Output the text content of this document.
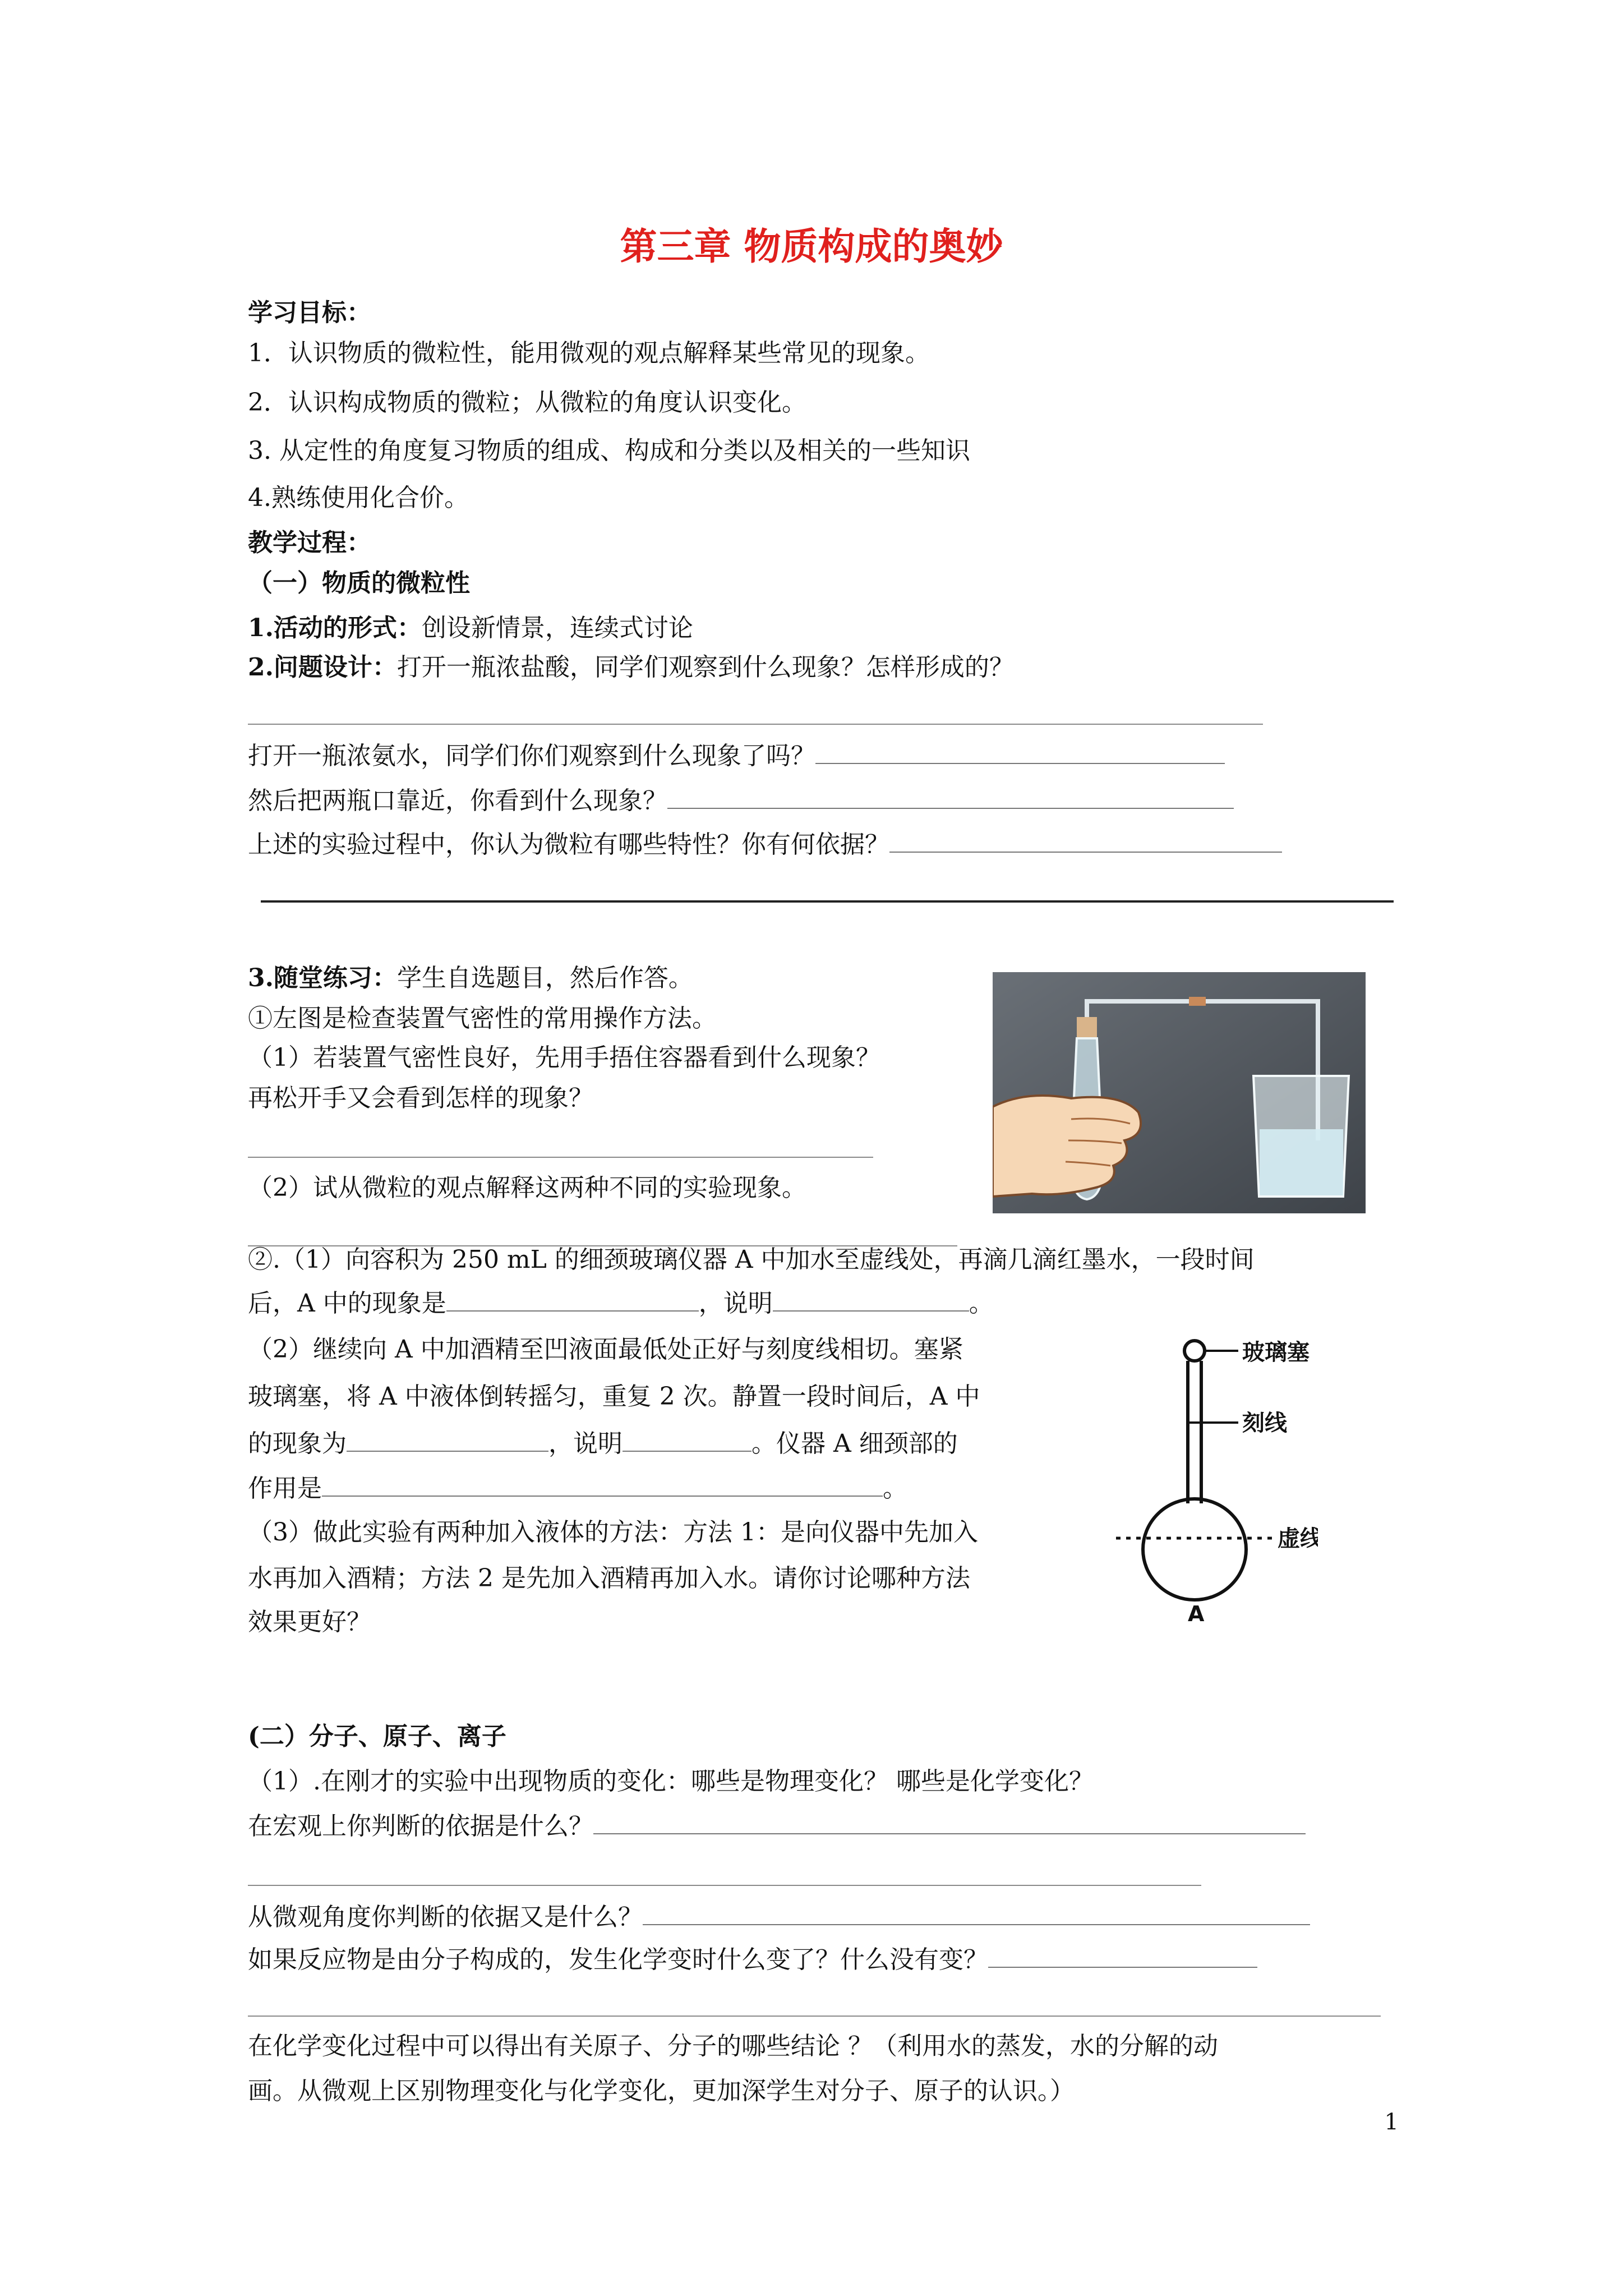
第三章 物质构成的奥妙
学习目标：
1．认识物质的微粒性，能用微观的观点解释某些常见的现象。
2．认识构成物质的微粒；从微粒的角度认识变化。
3. 从定性的角度复习物质的组成、构成和分类以及相关的一些知识
4.熟练使用化合价。
教学过程：
（一）物质的微粒性
1.活动的形式：创设新情景，连续式讨论
2.问题设计：打开一瓶浓盐酸，同学们观察到什么现象？怎样形成的？
打开一瓶浓氨水，同学们你们观察到什么现象了吗？
然后把两瓶口靠近，你看到什么现象？
上述的实验过程中，你认为微粒有哪些特性？你有何依据？
3.随堂练习：学生自选题目，然后作答。
①左图是检查装置气密性的常用操作方法。
（1）若装置气密性良好，先用手捂住容器看到什么现象？
再松开手又会看到怎样的现象？
（2）试从微粒的观点解释这两种不同的实验现象。
②.（1）向容积为 250 mL 的细颈玻璃仪器 A 中加水至虚线处，再滴几滴红墨水，一段时间
后，A 中的现象是	，说明	。
（2）继续向 A 中加酒精至凹液面最低处正好与刻度线相切。塞紧
玻璃塞，将 A 中液体倒转摇匀，重复 2 次。静置一段时间后，A 中
的现象为	，说明	。仪器 A 细颈部的
作用是	。
（3）做此实验有两种加入液体的方法：方法 1：是向仪器中先加入
水再加入酒精；方法 2 是先加入酒精再加入水。请你讨论哪种方法
效果更好？
玻璃塞
刻线
虚线
A
(二）分子、原子、离子
（1）.在刚才的实验中出现物质的变化：哪些是物理变化？ 哪些是化学变化？
在宏观上你判断的依据是什么？
从微观角度你判断的依据又是什么？
如果反应物是由分子构成的，发生化学变时什么变了？什么没有变？
在化学变化过程中可以得出有关原子、分子的哪些结论 ？（利用水的蒸发，水的分解的动
画。从微观上区别物理变化与化学变化，更加深学生对分子、原子的认识。）
1
